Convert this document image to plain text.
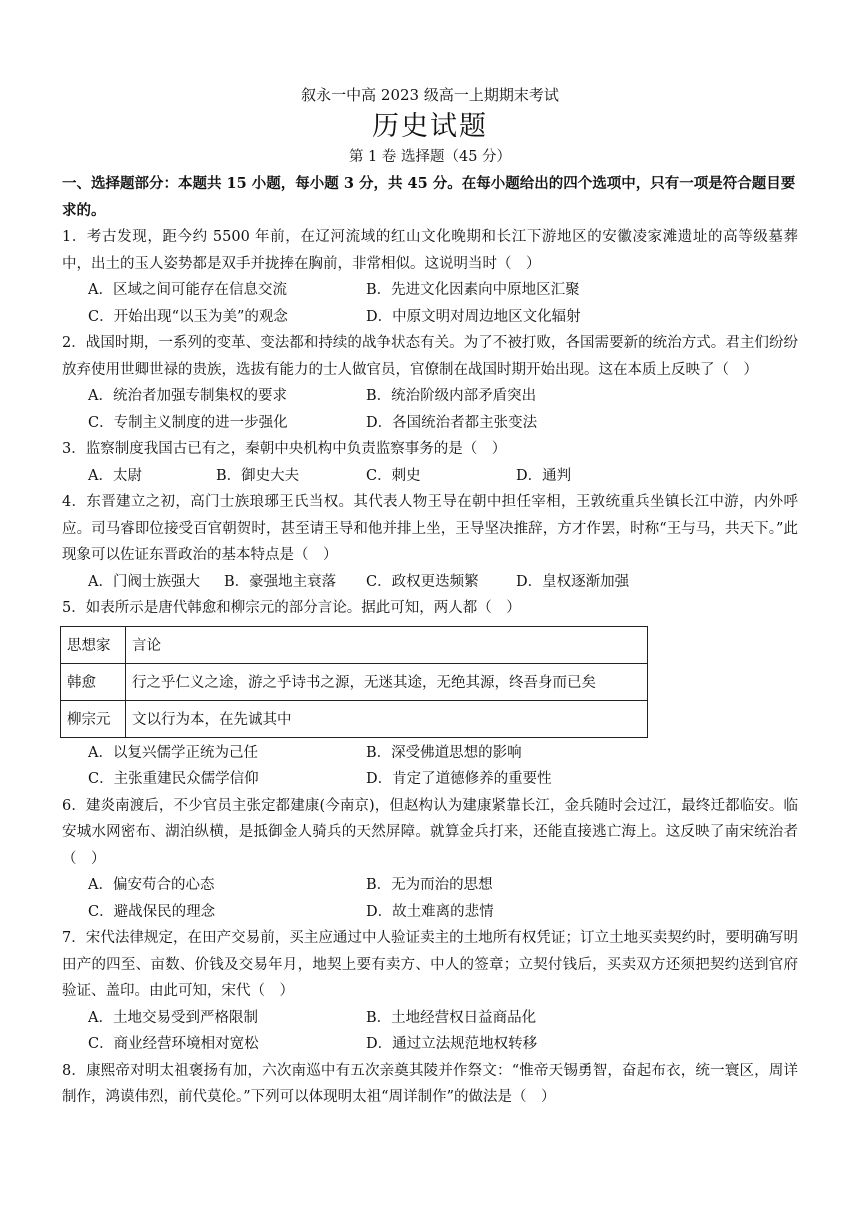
叙永一中高 2023 级高一上期期末考试
历史试题
第 1 卷 选择题（45 分）
一、选择题部分：本题共 15 小题，每小题 3 分，共 45 分。在每小题给出的四个选项中，只有一项是符合题目要求的。
1．考古发现，距今约 5500 年前，在辽河流域的红山文化晚期和长江下游地区的安徽凌家滩遗址的高等级墓葬中，出土的玉人姿势都是双手并拢捧在胸前，非常相似。这说明当时（　）
A．区域之间可能存在信息交流	B．先进文化因素向中原地区汇聚
C．开始出现“以玉为美”的观念	D．中原文明对周边地区文化辐射
2．战国时期，一系列的变革、变法都和持续的战争状态有关。为了不被打败，各国需要新的统治方式。君主们纷纷放弃使用世卿世禄的贵族，选拔有能力的士人做官员，官僚制在战国时期开始出现。这在本质上反映了（　）
A．统治者加强专制集权的要求	B．统治阶级内部矛盾突出
C．专制主义制度的进一步强化	D．各国统治者都主张变法
3．监察制度我国古已有之，秦朝中央机构中负责监察事务的是（　）
A．太尉	B．御史大夫	C．刺史	D．通判
4．东晋建立之初，高门士族琅琊王氏当权。其代表人物王导在朝中担任宰相，王敦统重兵坐镇长江中游，内外呼应。司马睿即位接受百官朝贺时，甚至请王导和他并排上坐，王导坚决推辞，方才作罢，时称“王与马，共天下。”此现象可以佐证东晋政治的基本特点是（　）
A．门阀士族强大	B．豪强地主衰落	C．政权更迭频繁	D．皇权逐渐加强
5．如表所示是唐代韩愈和柳宗元的部分言论。据此可知，两人都（　）
思想家	言论
韩愈	行之乎仁义之途，游之乎诗书之源，无迷其途，无绝其源，终吾身而已矣
柳宗元	文以行为本，在先诚其中
A．以复兴儒学正统为己任	B．深受佛道思想的影响
C．主张重建民众儒学信仰	D．肯定了道德修养的重要性
6．建炎南渡后，不少官员主张定都建康(今南京)，但赵构认为建康紧靠长江，金兵随时会过江，最终迁都临安。临安城水网密布、湖泊纵横，是抵御金人骑兵的天然屏障。就算金兵打来，还能直接逃亡海上。这反映了南宋统治者（　）
A．偏安苟合的心态	B．无为而治的思想
C．避战保民的理念	D．故土难离的悲情
7．宋代法律规定，在田产交易前，买主应通过中人验证卖主的土地所有权凭证；订立土地买卖契约时，要明确写明田产的四至、亩数、价钱及交易年月，地契上要有卖方、中人的签章；立契付钱后，买卖双方还须把契约送到官府验证、盖印。由此可知，宋代（　）
A．土地交易受到严格限制	B．土地经营权日益商品化
C．商业经营环境相对宽松	D．通过立法规范地权转移
8．康熙帝对明太祖褒扬有加，六次南巡中有五次亲奠其陵并作祭文：“惟帝天锡勇智，奋起布衣，统一寰区，周详制作，鸿谟伟烈，前代莫伦。”下列可以体现明太祖“周详制作”的做法是（　）
